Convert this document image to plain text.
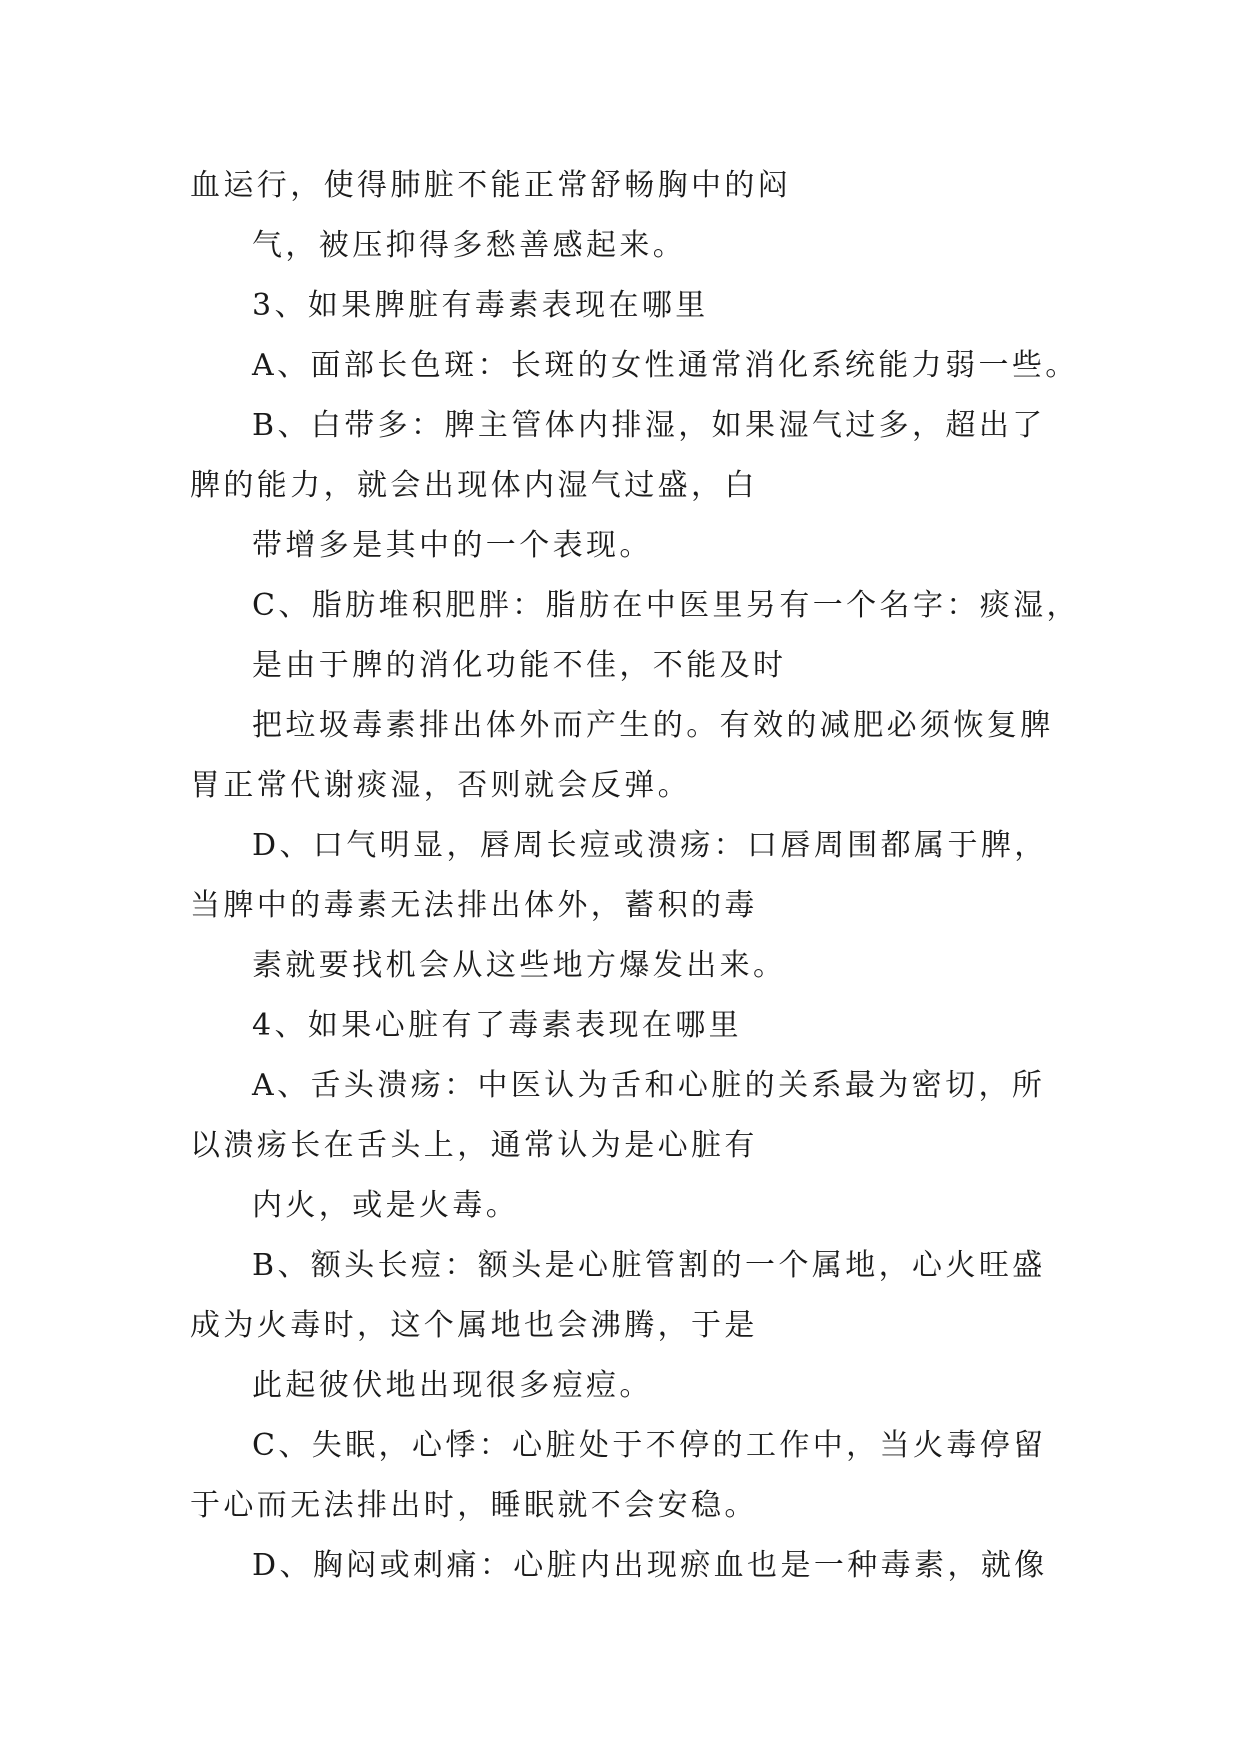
血运行，使得肺脏不能正常舒畅胸中的闷
气，被压抑得多愁善感起来。
3、如果脾脏有毒素表现在哪里
A、面部长色斑：长斑的女性通常消化系统能力弱一些。
B、白带多：脾主管体内排湿，如果湿气过多，超出了
脾的能力，就会出现体内湿气过盛，白
带增多是其中的一个表现。
C、脂肪堆积肥胖：脂肪在中医里另有一个名字：痰湿，
是由于脾的消化功能不佳，不能及时
把垃圾毒素排出体外而产生的。有效的减肥必须恢复脾
胃正常代谢痰湿，否则就会反弹。
D、口气明显，唇周长痘或溃疡：口唇周围都属于脾，
当脾中的毒素无法排出体外，蓄积的毒
素就要找机会从这些地方爆发出来。
4、如果心脏有了毒素表现在哪里
A、舌头溃疡：中医认为舌和心脏的关系最为密切，所
以溃疡长在舌头上，通常认为是心脏有
内火，或是火毒。
B、额头长痘：额头是心脏管割的一个属地，心火旺盛
成为火毒时，这个属地也会沸腾，于是
此起彼伏地出现很多痘痘。
C、失眠，心悸：心脏处于不停的工作中，当火毒停留
于心而无法排出时，睡眠就不会安稳。
D、胸闷或刺痛：心脏内出现瘀血也是一种毒素，就像
